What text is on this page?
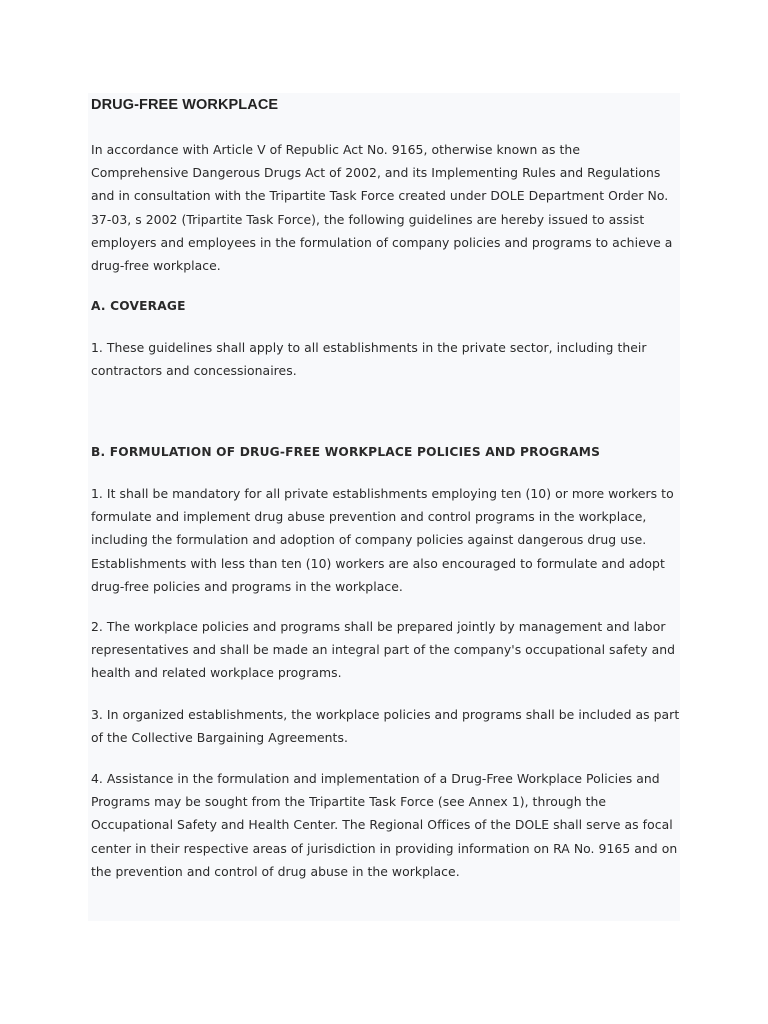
DRUG-FREE WORKPLACE

In accordance with Article V of Republic Act No. 9165, otherwise known as the Comprehensive Dangerous Drugs Act of 2002, and its Implementing Rules and Regulations and in consultation with the Tripartite Task Force created under DOLE Department Order No. 37-03, s 2002 (Tripartite Task Force), the following guidelines are hereby issued to assist employers and employees in the formulation of company policies and programs to achieve a drug-free workplace.

A. COVERAGE

1. These guidelines shall apply to all establishments in the private sector, including their contractors and concessionaires.

B. FORMULATION OF DRUG-FREE WORKPLACE POLICIES AND PROGRAMS

1. It shall be mandatory for all private establishments employing ten (10) or more workers to formulate and implement drug abuse prevention and control programs in the workplace, including the formulation and adoption of company policies against dangerous drug use. Establishments with less than ten (10) workers are also encouraged to formulate and adopt drug-free policies and programs in the workplace.

2. The workplace policies and programs shall be prepared jointly by management and labor representatives and shall be made an integral part of the company's occupational safety and health and related workplace programs.

3. In organized establishments, the workplace policies and programs shall be included as part of the Collective Bargaining Agreements.

4. Assistance in the formulation and implementation of a Drug-Free Workplace Policies and Programs may be sought from the Tripartite Task Force (see Annex 1), through the Occupational Safety and Health Center. The Regional Offices of the DOLE shall serve as focal center in their respective areas of jurisdiction in providing information on RA No. 9165 and on the prevention and control of drug abuse in the workplace.
